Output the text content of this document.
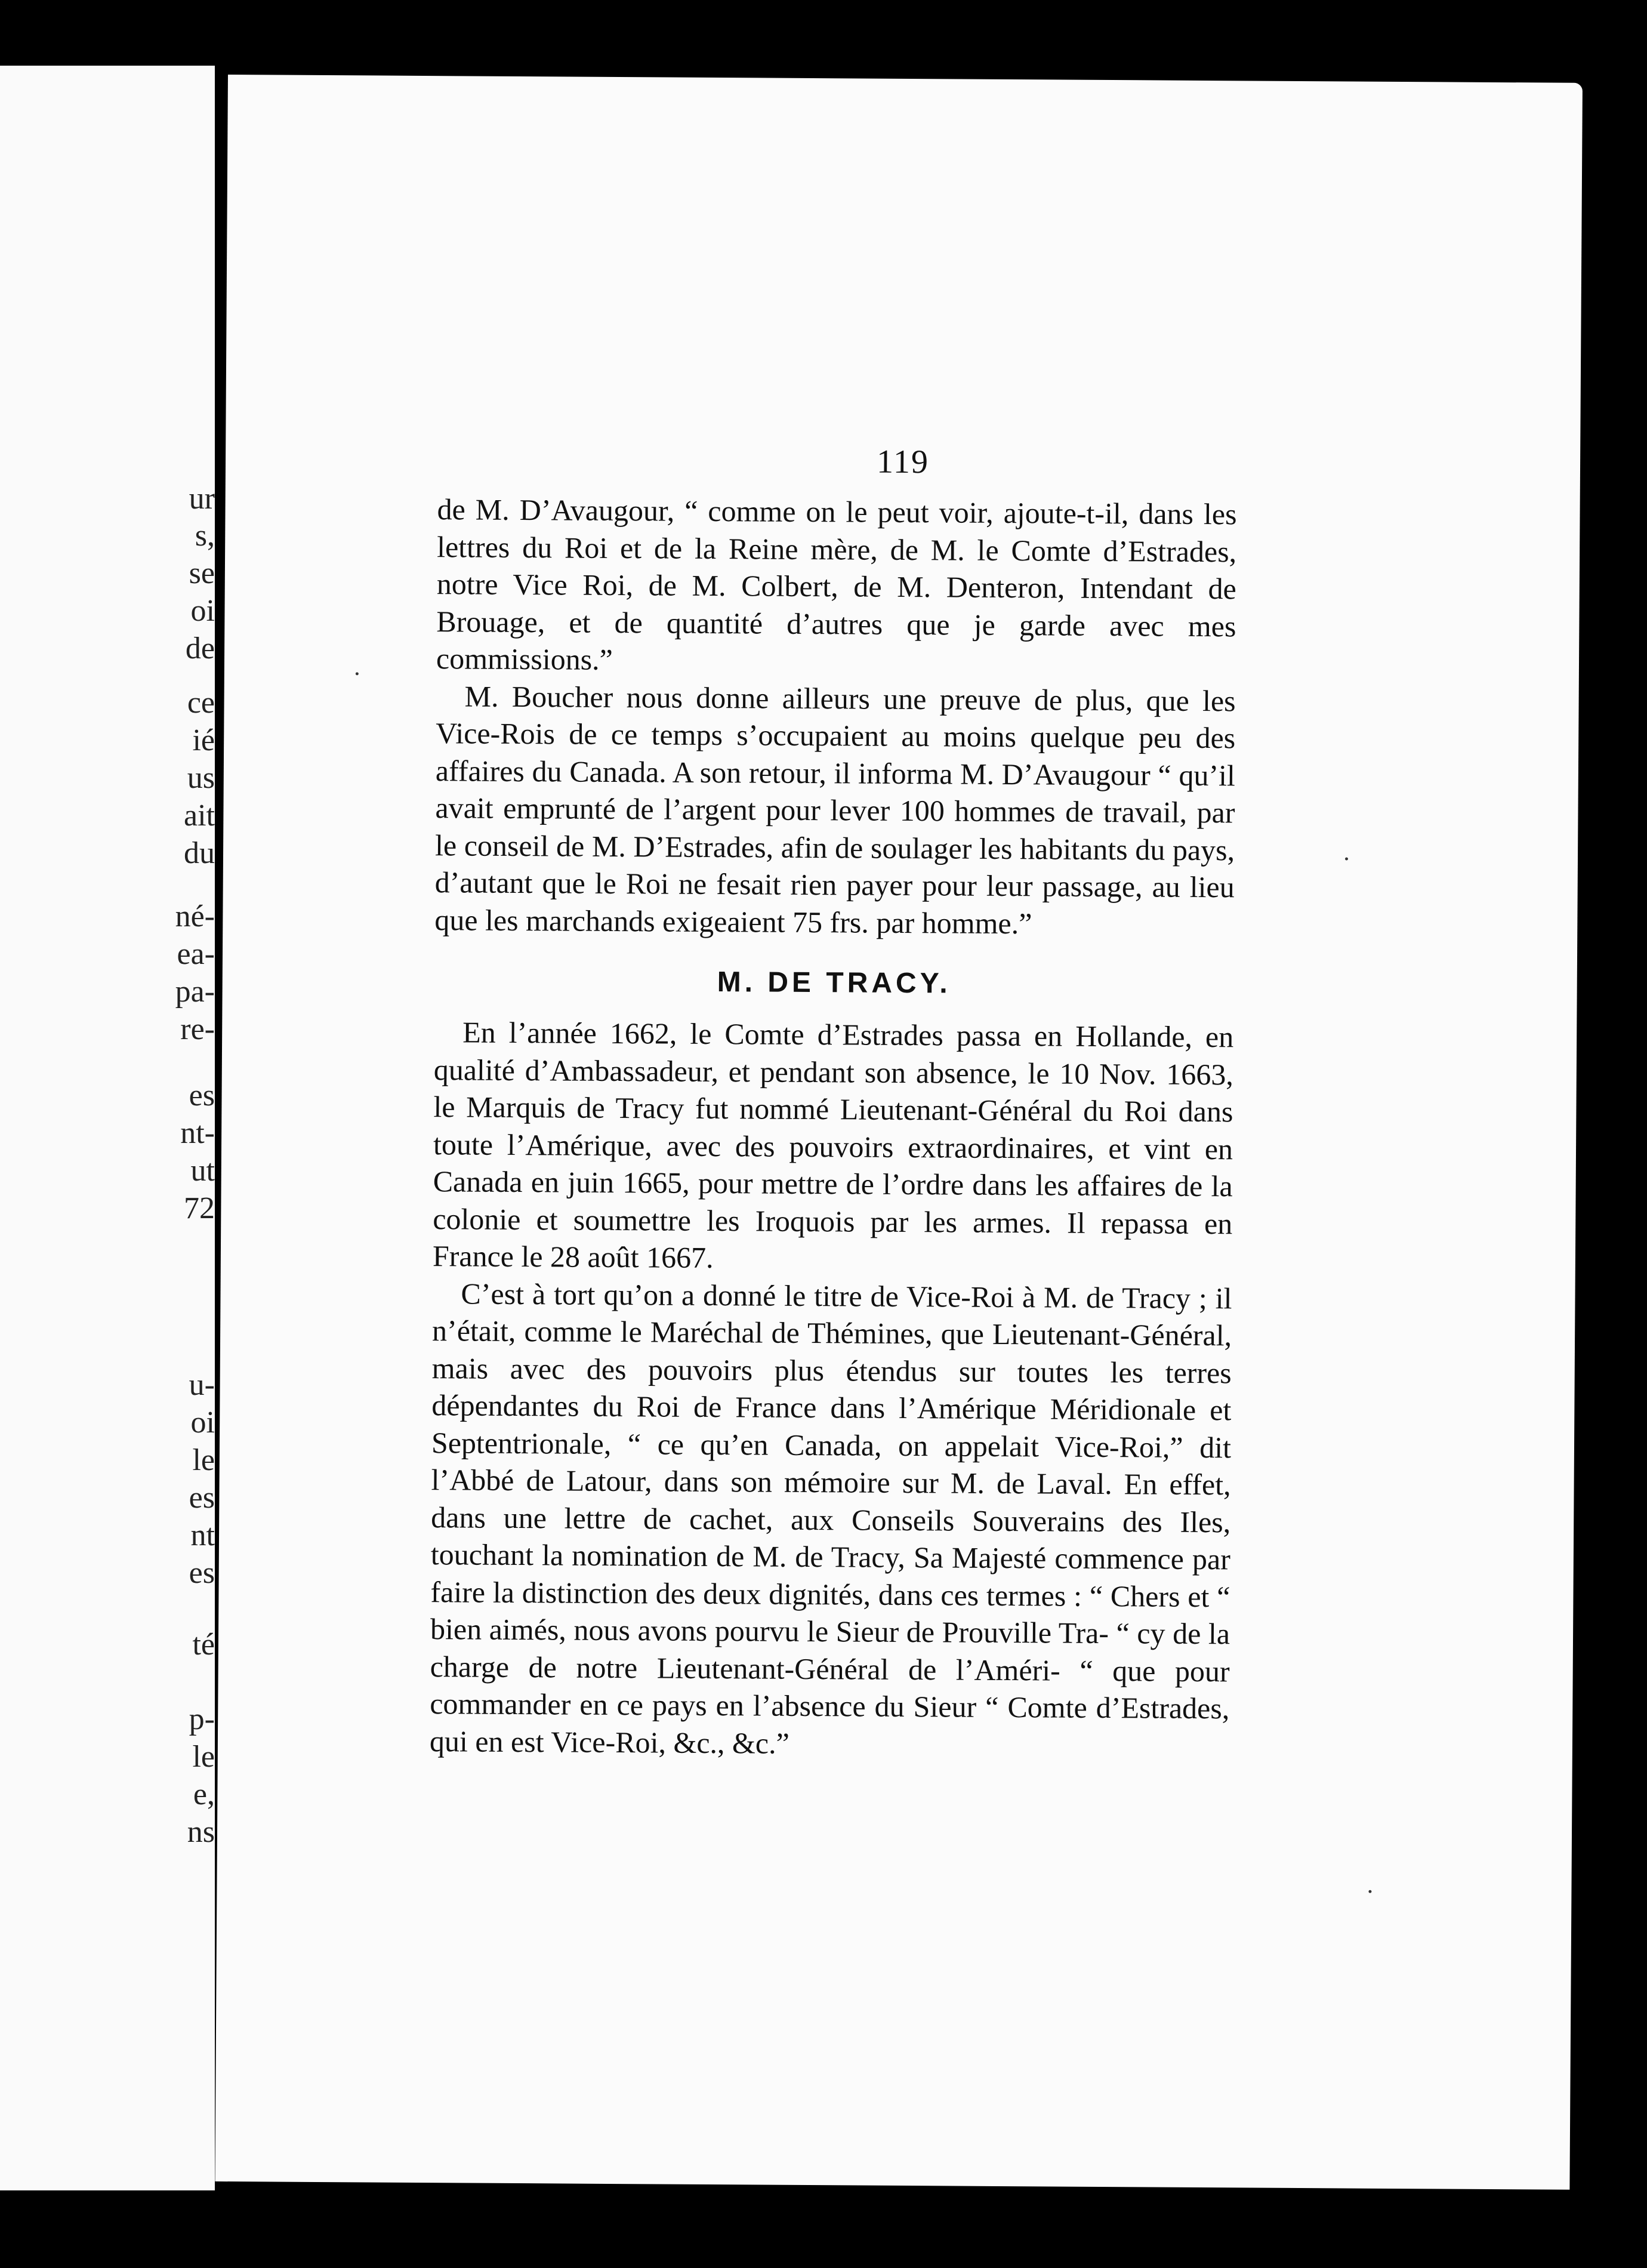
ur
s,
se
oi
de
ce
ié
us
ait
du
né-
ea-
pa-
re-
es
nt-
ut
72
u-
oi
le
es
nt
es
té
p-
le
e,
ns
119

de M. D’Avaugour, “ comme on le peut voir, ajoute-t-il, dans les lettres du Roi et de la Reine mère, de M. le Comte d’Estrades, notre Vice Roi, de M. Colbert, de M. Denteron, Intendant de Brouage, et de quantité d’autres que je garde avec mes commissions.”

M. Boucher nous donne ailleurs une preuve de plus, que les Vice-Rois de ce temps s’occupaient au moins quelque peu des affaires du Canada. A son retour, il informa M. D’Avaugour “ qu’il avait emprunté de l’argent pour lever 100 hommes de travail, par le conseil de M. D’Estrades, afin de soulager les habitants du pays, d’autant que le Roi ne fesait rien payer pour leur passage, au lieu que les marchands exigeaient 75 frs. par homme.”

M. DE TRACY.

En l’année 1662, le Comte d’Estrades passa en Hollande, en qualité d’Ambassadeur, et pendant son absence, le 10 Nov. 1663, le Marquis de Tracy fut nommé Lieutenant-Général du Roi dans toute l’Amérique, avec des pouvoirs extraordinaires, et vint en Canada en juin 1665, pour mettre de l’ordre dans les affaires de la colonie et soumettre les Iroquois par les armes. Il repassa en France le 28 août 1667.

C’est à tort qu’on a donné le titre de Vice-Roi à M. de Tracy ; il n’était, comme le Maréchal de Thémines, que Lieutenant-Général, mais avec des pouvoirs plus étendus sur toutes les terres dépendantes du Roi de France dans l’Amérique Méridionale et Septentrionale, “ ce qu’en Canada, on appelait Vice-Roi,” dit l’Abbé de Latour, dans son mémoire sur M. de Laval. En effet, dans une lettre de cachet, aux Conseils Souverains des Iles, touchant la nomination de M. de Tracy, Sa Majesté commence par faire la distinction des deux dignités, dans ces termes : “ Chers et “ bien aimés, nous avons pourvu le Sieur de Prouville Tra- “ cy de la charge de notre Lieutenant-Général de l’Améri- “ que pour commander en ce pays en l’absence du Sieur “ Comte d’Estrades, qui en est Vice-Roi, &c., &c.”
